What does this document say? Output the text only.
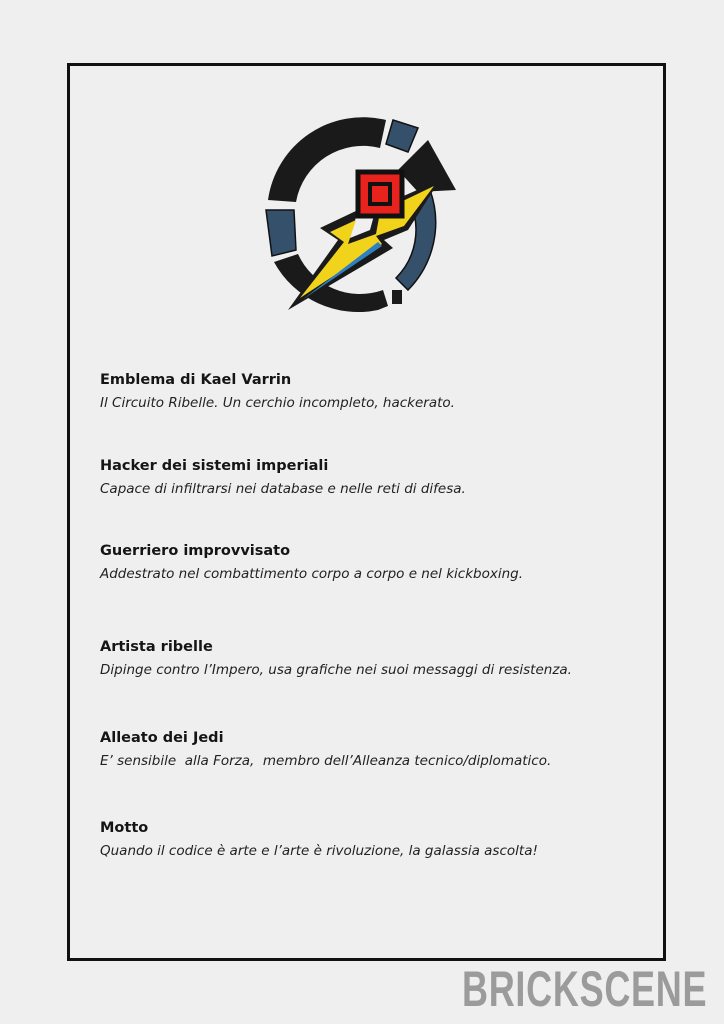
Emblema di Kael Varrin

Il Circuito Ribelle. Un cerchio incompleto, hackerato.

Hacker dei sistemi imperiali

Capace di infiltrarsi nei database e nelle reti di difesa.

Guerriero improvvisato

Addestrato nel combattimento corpo a corpo e nel kickboxing.

Artista ribelle

Dipinge contro l’Impero, usa grafiche nei suoi messaggi di resistenza.

Alleato dei Jedi

E’ sensibile  alla Forza,  membro dell’Alleanza tecnico/diplomatico.

Motto

Quando il codice è arte e l’arte è rivoluzione, la galassia ascolta!

BRICKSCENE
